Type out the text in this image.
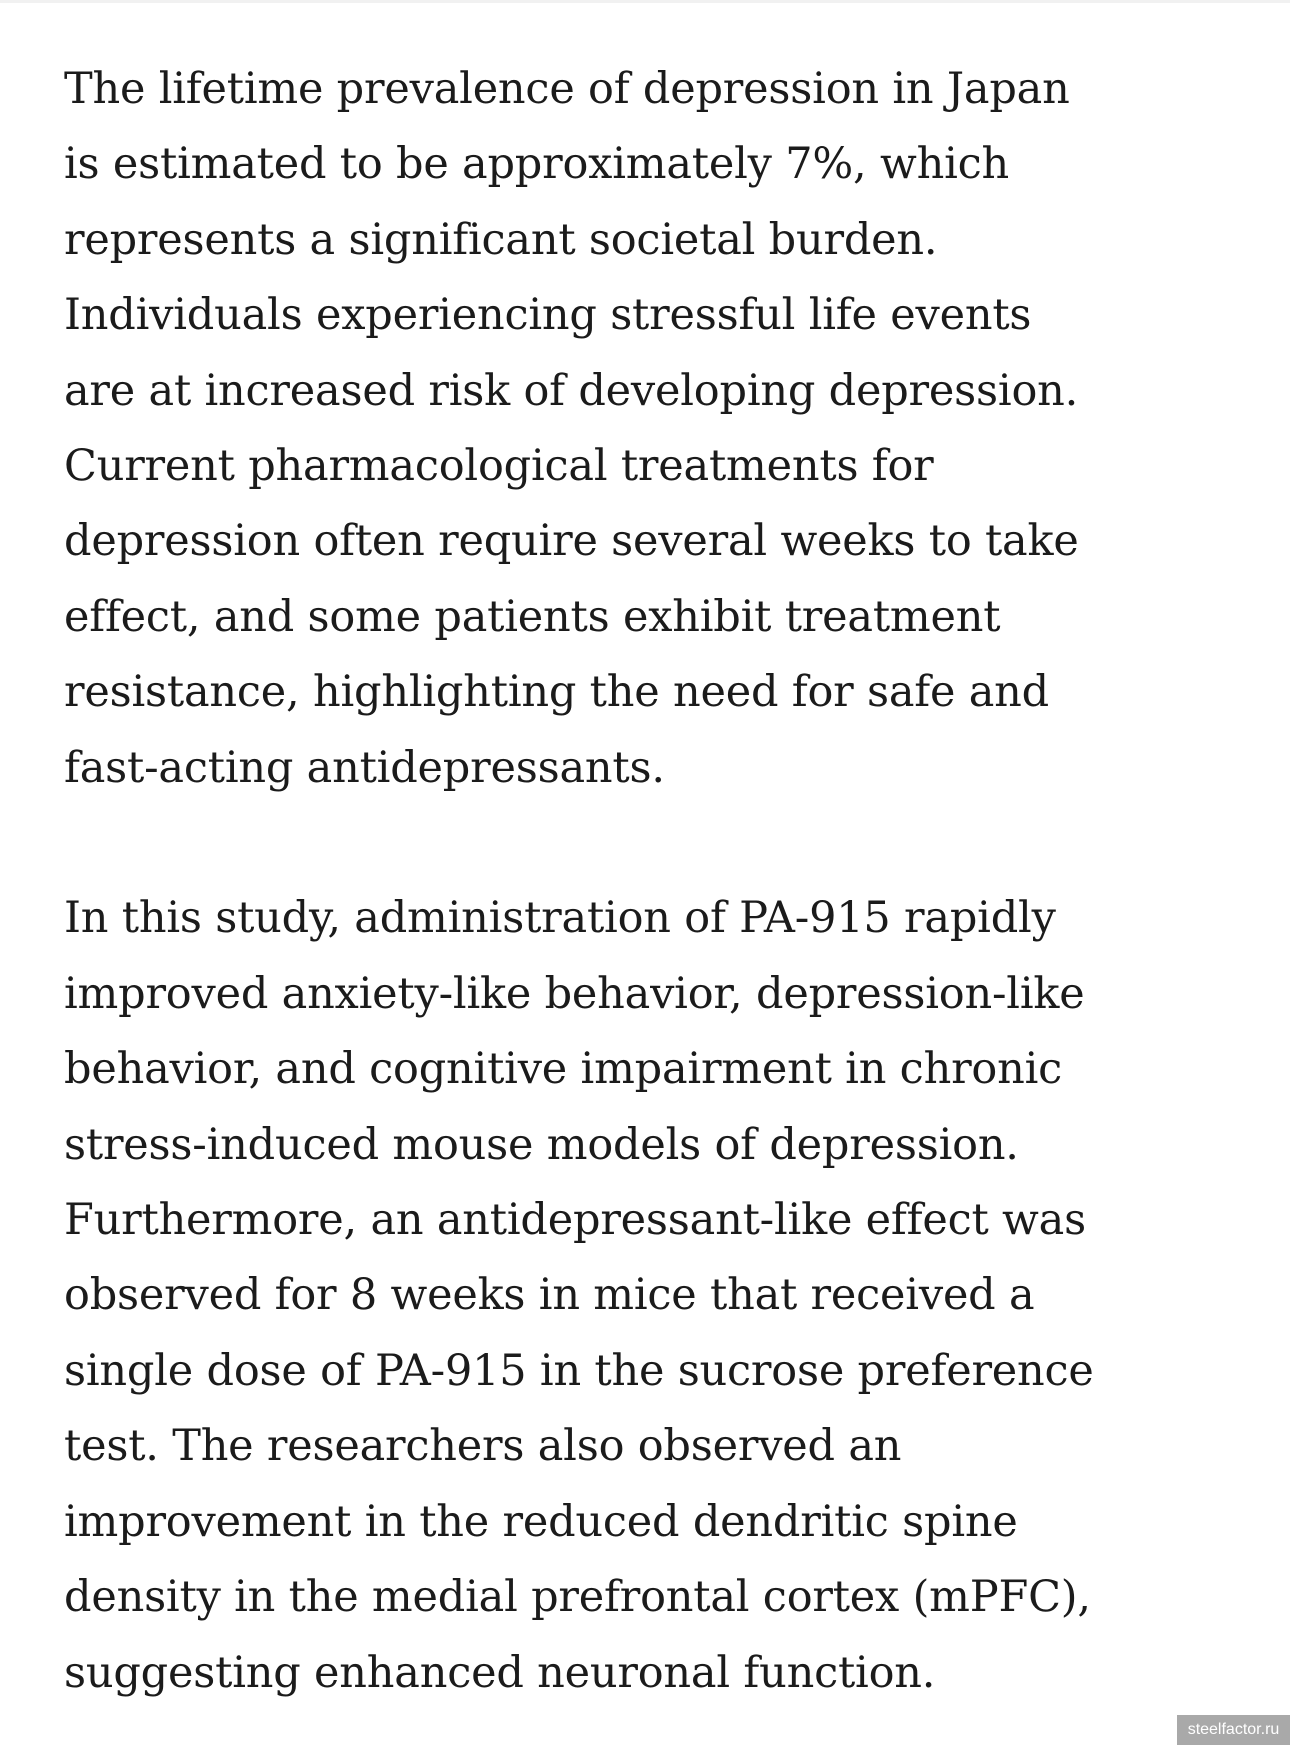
The lifetime prevalence of depression in Japan
is estimated to be approximately 7%, which
represents a significant societal burden.
Individuals experiencing stressful life events
are at increased risk of developing depression.
Current pharmacological treatments for
depression often require several weeks to take
effect, and some patients exhibit treatment
resistance, highlighting the need for safe and
fast-acting antidepressants.
In this study, administration of PA-915 rapidly
improved anxiety-like behavior, depression-like
behavior, and cognitive impairment in chronic
stress-induced mouse models of depression.
Furthermore, an antidepressant-like effect was
observed for 8 weeks in mice that received a
single dose of PA-915 in the sucrose preference
test. The researchers also observed an
improvement in the reduced dendritic spine
density in the medial prefrontal cortex (mPFC),
suggesting enhanced neuronal function.
steelfactor.ru
